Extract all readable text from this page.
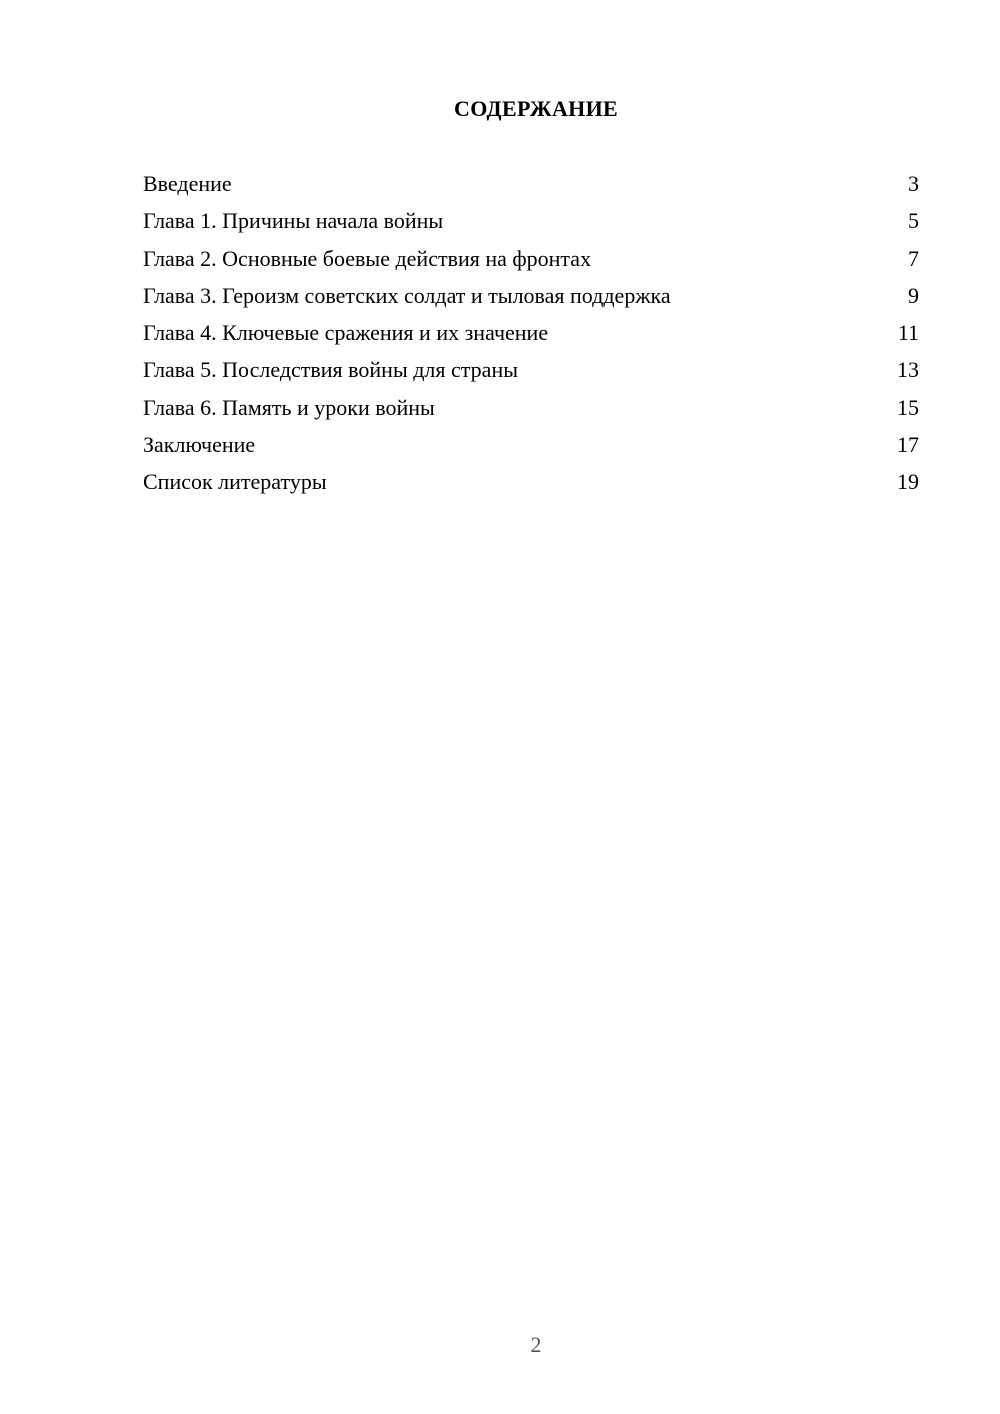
СОДЕРЖАНИЕ
Введение	3
Глава 1. Причины начала войны	5
Глава 2. Основные боевые действия на фронтах	7
Глава 3. Героизм советских солдат и тыловая поддержка	9
Глава 4. Ключевые сражения и их значение	11
Глава 5. Последствия войны для страны	13
Глава 6. Память и уроки войны	15
Заключение	17
Список литературы	19
2
